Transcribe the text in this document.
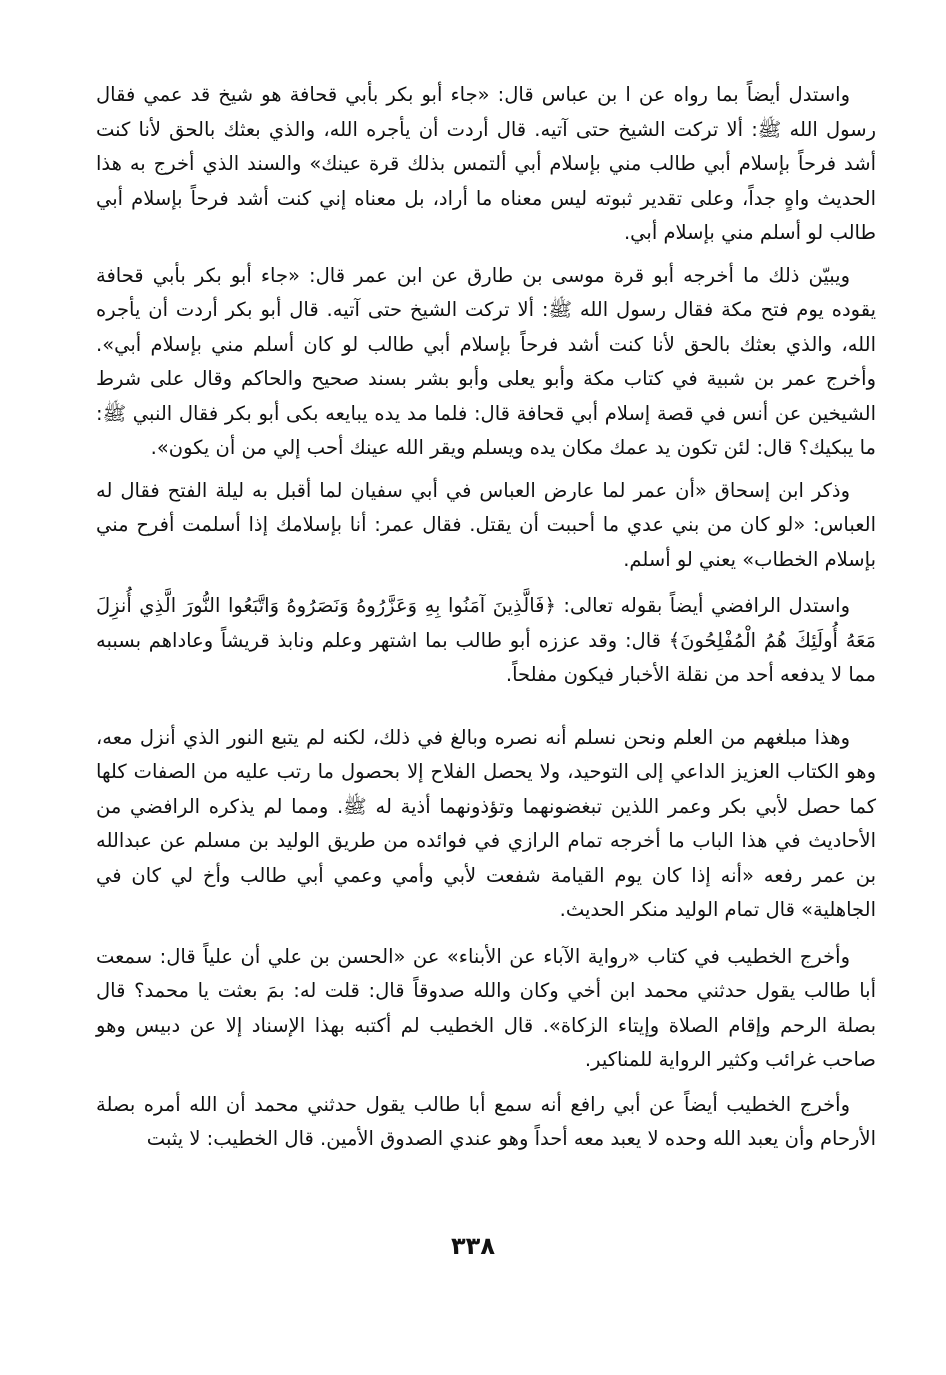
واستدل أيضاً بما رواه عن ا بن عباس قال: «جاء أبو بكر بأبي قحافة هو شيخ قد عمي فقال رسول الله ﷺ: ألا تركت الشيخ حتى آتيه. قال أردت أن يأجره الله، والذي بعثك بالحق لأنا كنت أشد فرحاً بإسلام أبي طالب مني بإسلام أبي ألتمس بذلك قرة عينك» والسند الذي أخرج به هذا الحديث واهٍ جداً، وعلى تقدير ثبوته ليس معناه ما أراد، بل معناه إني كنت أشد فرحاً بإسلام أبي طالب لو أسلم مني بإسلام أبي.

ويبيّن ذلك ما أخرجه أبو قرة موسى بن طارق عن ابن عمر قال: «جاء أبو بكر بأبي قحافة يقوده يوم فتح مكة فقال رسول الله ﷺ: ألا تركت الشيخ حتى آتيه. قال أبو بكر أردت أن يأجره الله، والذي بعثك بالحق لأنا كنت أشد فرحاً بإسلام أبي طالب لو كان أسلم مني بإسلام أبي». وأخرج عمر بن شبية في كتاب مكة وأبو يعلى وأبو بشر بسند صحيح والحاكم وقال على شرط الشيخين عن أنس في قصة إسلام أبي قحافة قال: فلما مد يده يبايعه بكى أبو بكر فقال النبي ﷺ: ما يبكيك؟ قال: لئن تكون يد عمك مكان يده ويسلم ويقر الله عينك أحب إلي من أن يكون».

وذكر ابن إسحاق «أن عمر لما عارض العباس في أبي سفيان لما أقبل به ليلة الفتح فقال له العباس: «لو كان من بني عدي ما أحببت أن يقتل. فقال عمر: أنا بإسلامك إذا أسلمت أفرح مني بإسلام الخطاب» يعني لو أسلم.

واستدل الرافضي أيضاً بقوله تعالى: ﴿فَالَّذِينَ آمَنُوا بِهِ وَعَزَّرُوهُ وَنَصَرُوهُ وَاتَّبَعُوا النُّورَ الَّذِي أُنزِلَ مَعَهُ أُولَئِكَ هُمُ الْمُفْلِحُونَ﴾ قال: وقد عززه أبو طالب بما اشتهر وعلم ونابذ قريشاً وعاداهم بسببه مما لا يدفعه أحد من نقلة الأخبار فيكون مفلحاً.

وهذا مبلغهم من العلم ونحن نسلم أنه نصره وبالغ في ذلك، لكنه لم يتبع النور الذي أنزل معه، وهو الكتاب العزيز الداعي إلى التوحيد، ولا يحصل الفلاح إلا بحصول ما رتب عليه من الصفات كلها كما حصل لأبي بكر وعمر اللذين تبغضونهما وتؤذونهما أذية له ﷺ. ومما لم يذكره الرافضي من الأحاديث في هذا الباب ما أخرجه تمام الرازي في فوائده من طريق الوليد بن مسلم عن عبدالله بن عمر رفعه «أنه إذا كان يوم القيامة شفعت لأبي وأمي وعمي أبي طالب وأخ لي كان في الجاهلية» قال تمام الوليد منكر الحديث.

وأخرج الخطيب في كتاب «رواية الآباء عن الأبناء» عن «الحسن بن علي أن علياً قال: سمعت أبا طالب يقول حدثني محمد ابن أخي وكان والله صدوقاً قال: قلت له: بمَ بعثت يا محمد؟ قال بصلة الرحم وإقام الصلاة وإيتاء الزكاة». قال الخطيب لم أكتبه بهذا الإسناد إلا عن دبيس وهو صاحب غرائب وكثير الرواية للمناكير.

وأخرج الخطيب أيضاً عن أبي رافع أنه سمع أبا طالب يقول حدثني محمد أن الله أمره بصلة الأرحام وأن يعبد الله وحده لا يعبد معه أحداً وهو عندي الصدوق الأمين. قال الخطيب: لا يثبت

٣٣٨
